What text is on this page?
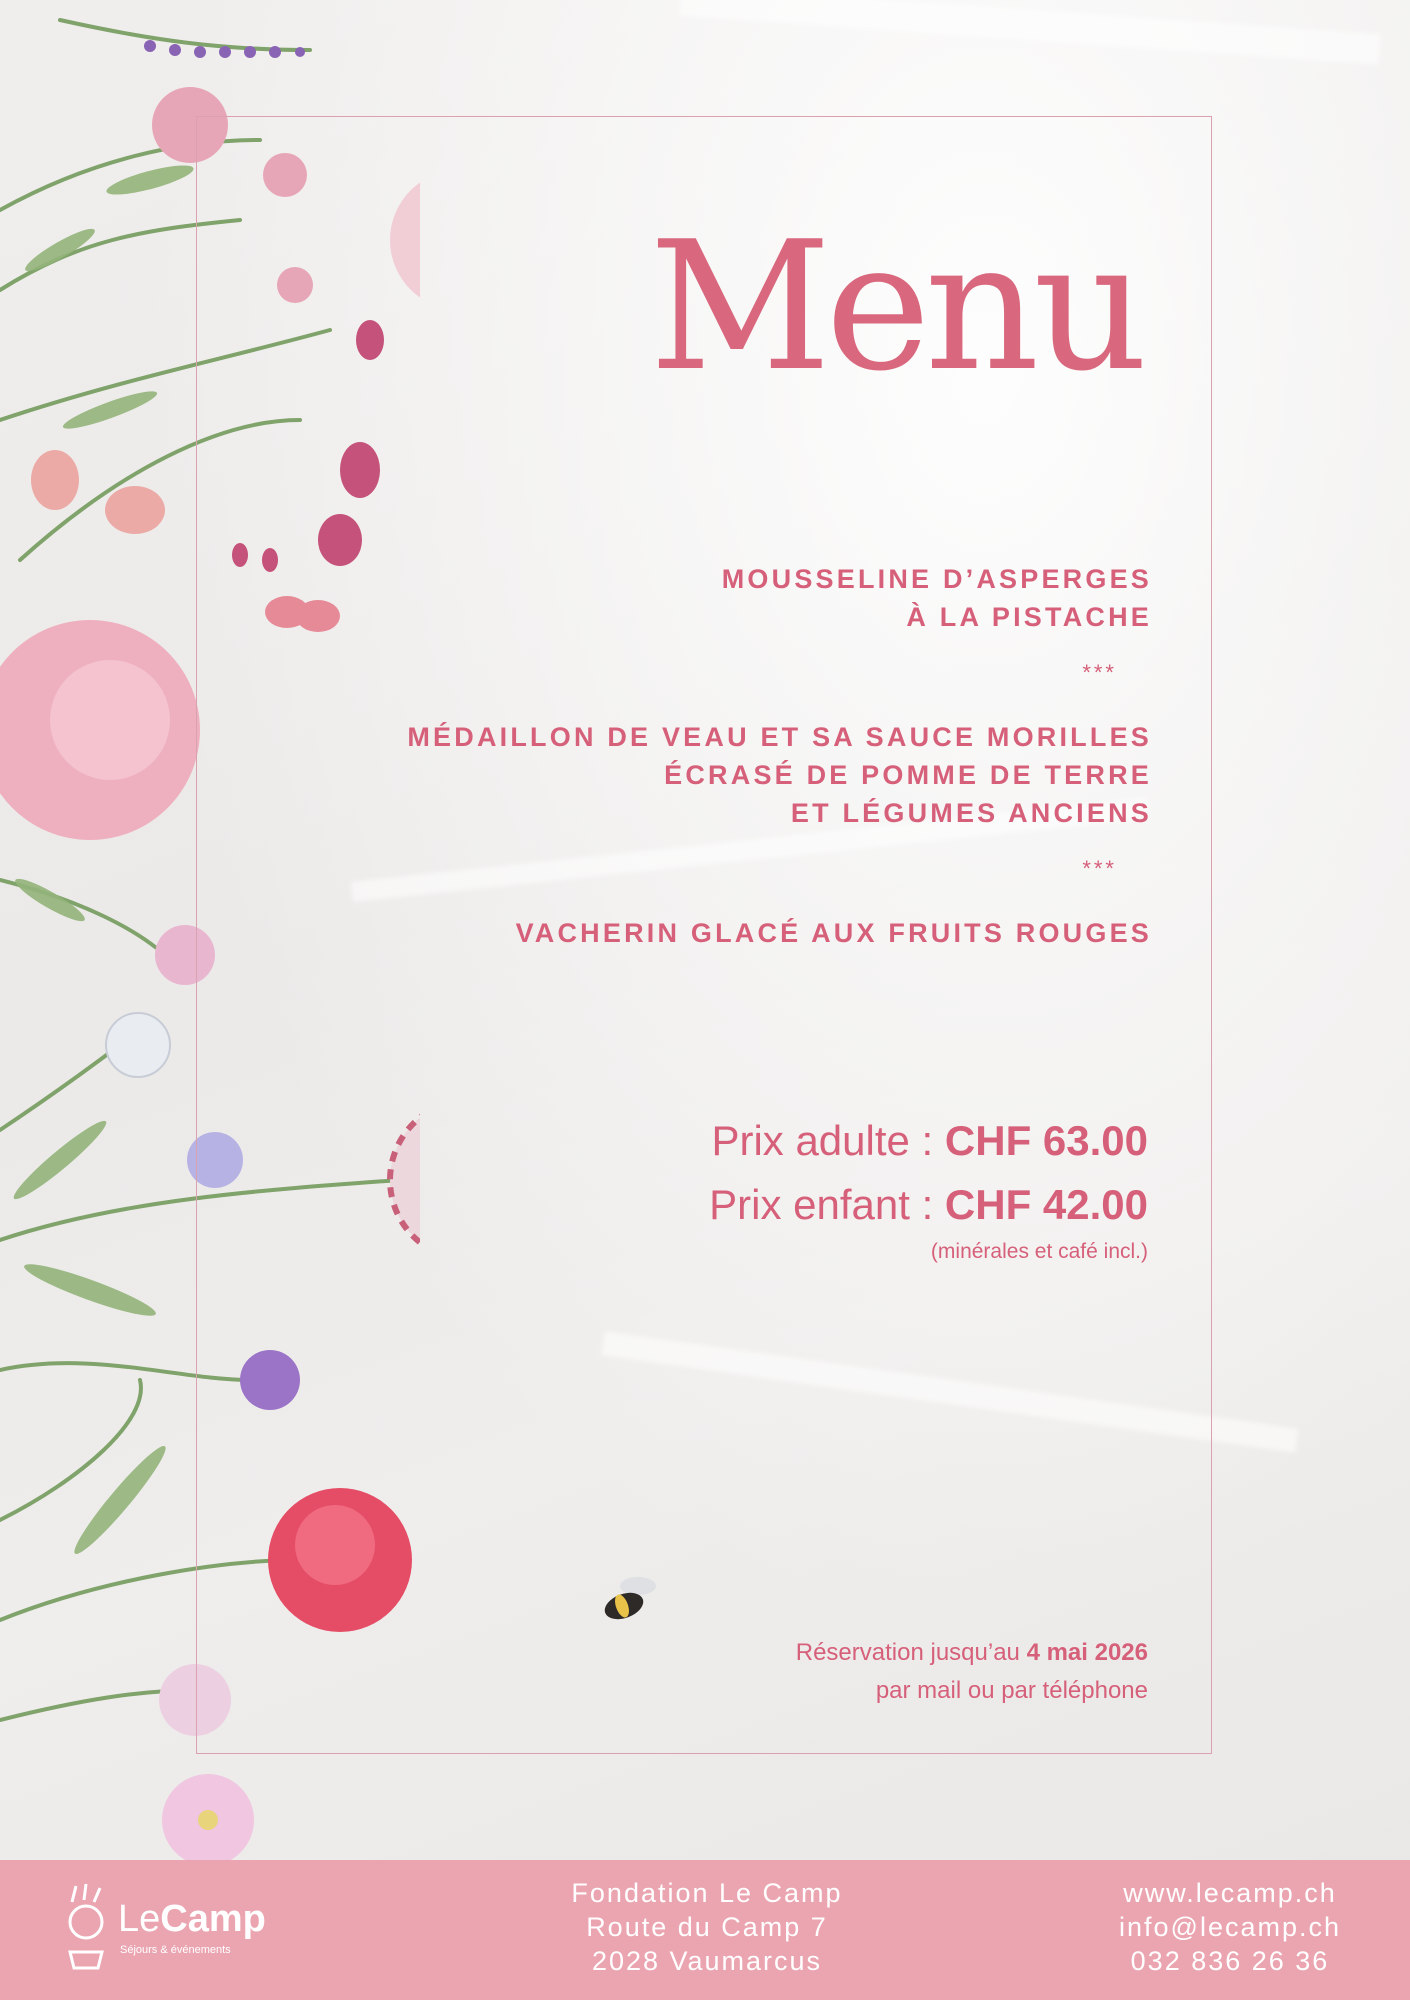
Menu
MOUSSELINE D’ASPERGES
À LA PISTACHE
***
MÉDAILLON DE VEAU ET SA SAUCE MORILLES
ÉCRASÉ DE POMME DE TERRE
ET LÉGUMES ANCIENS
***
VACHERIN GLACÉ AUX FRUITS ROUGES
Prix adulte : CHF 63.00
Prix enfant : CHF 42.00
(minérales et café incl.)
Réservation jusqu’au 4 mai 2026
par mail ou par téléphone
LeCamp
Séjours & événements
Fondation Le Camp
Route du Camp 7
2028 Vaumarcus
www.lecamp.ch
info@lecamp.ch
032 836 26 36
